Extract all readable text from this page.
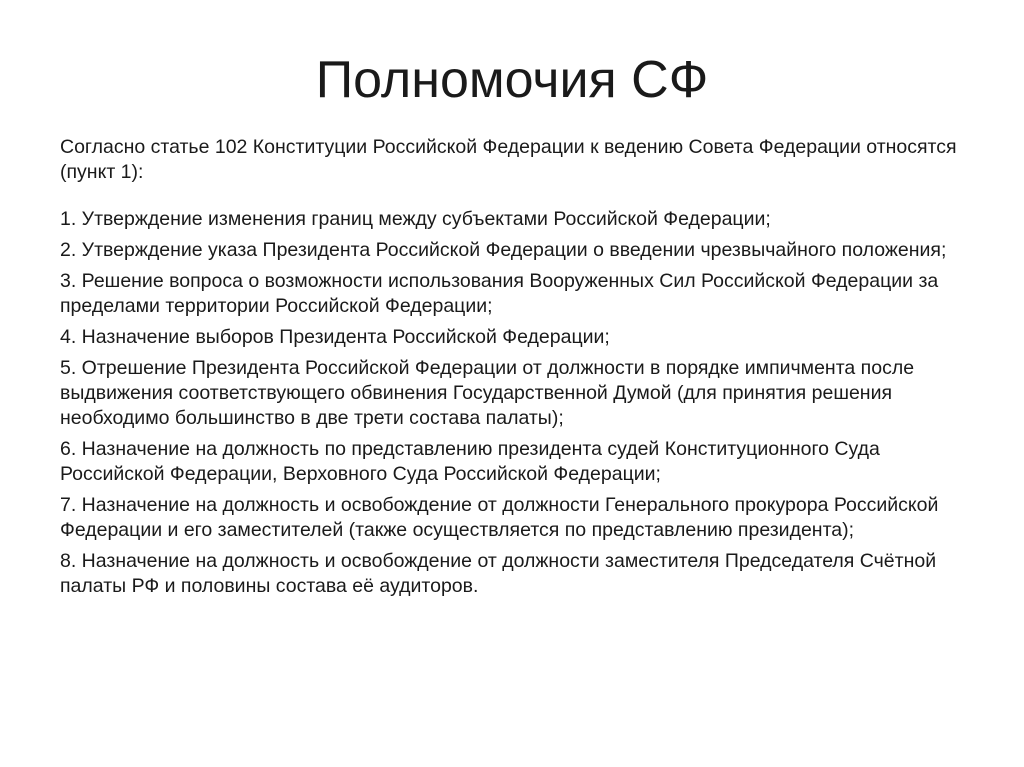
Полномочия СФ

Согласно статье 102 Конституции Российской Федерации к ведению Совета Федерации относятся (пункт 1):

1. Утверждение изменения границ между субъектами Российской Федерации;
2. Утверждение указа Президента Российской Федерации о введении чрезвычайного положения;
3. Решение вопроса о возможности использования Вооруженных Сил Российской Федерации за пределами территории Российской Федерации;
4. Назначение выборов Президента Российской Федерации;
5. Отрешение Президента Российской Федерации от должности в порядке импичмента после выдвижения соответствующего обвинения Государственной Думой (для принятия решения необходимо большинство в две трети состава палаты);
6. Назначение на должность по представлению президента судей Конституционного Суда Российской Федерации, Верховного Суда Российской Федерации;
7. Назначение на должность и освобождение от должности Генерального прокурора Российской Федерации и его заместителей (также осуществляется по представлению президента);
8. Назначение на должность и освобождение от должности заместителя Председателя Счётной палаты РФ и половины состава её аудиторов.
